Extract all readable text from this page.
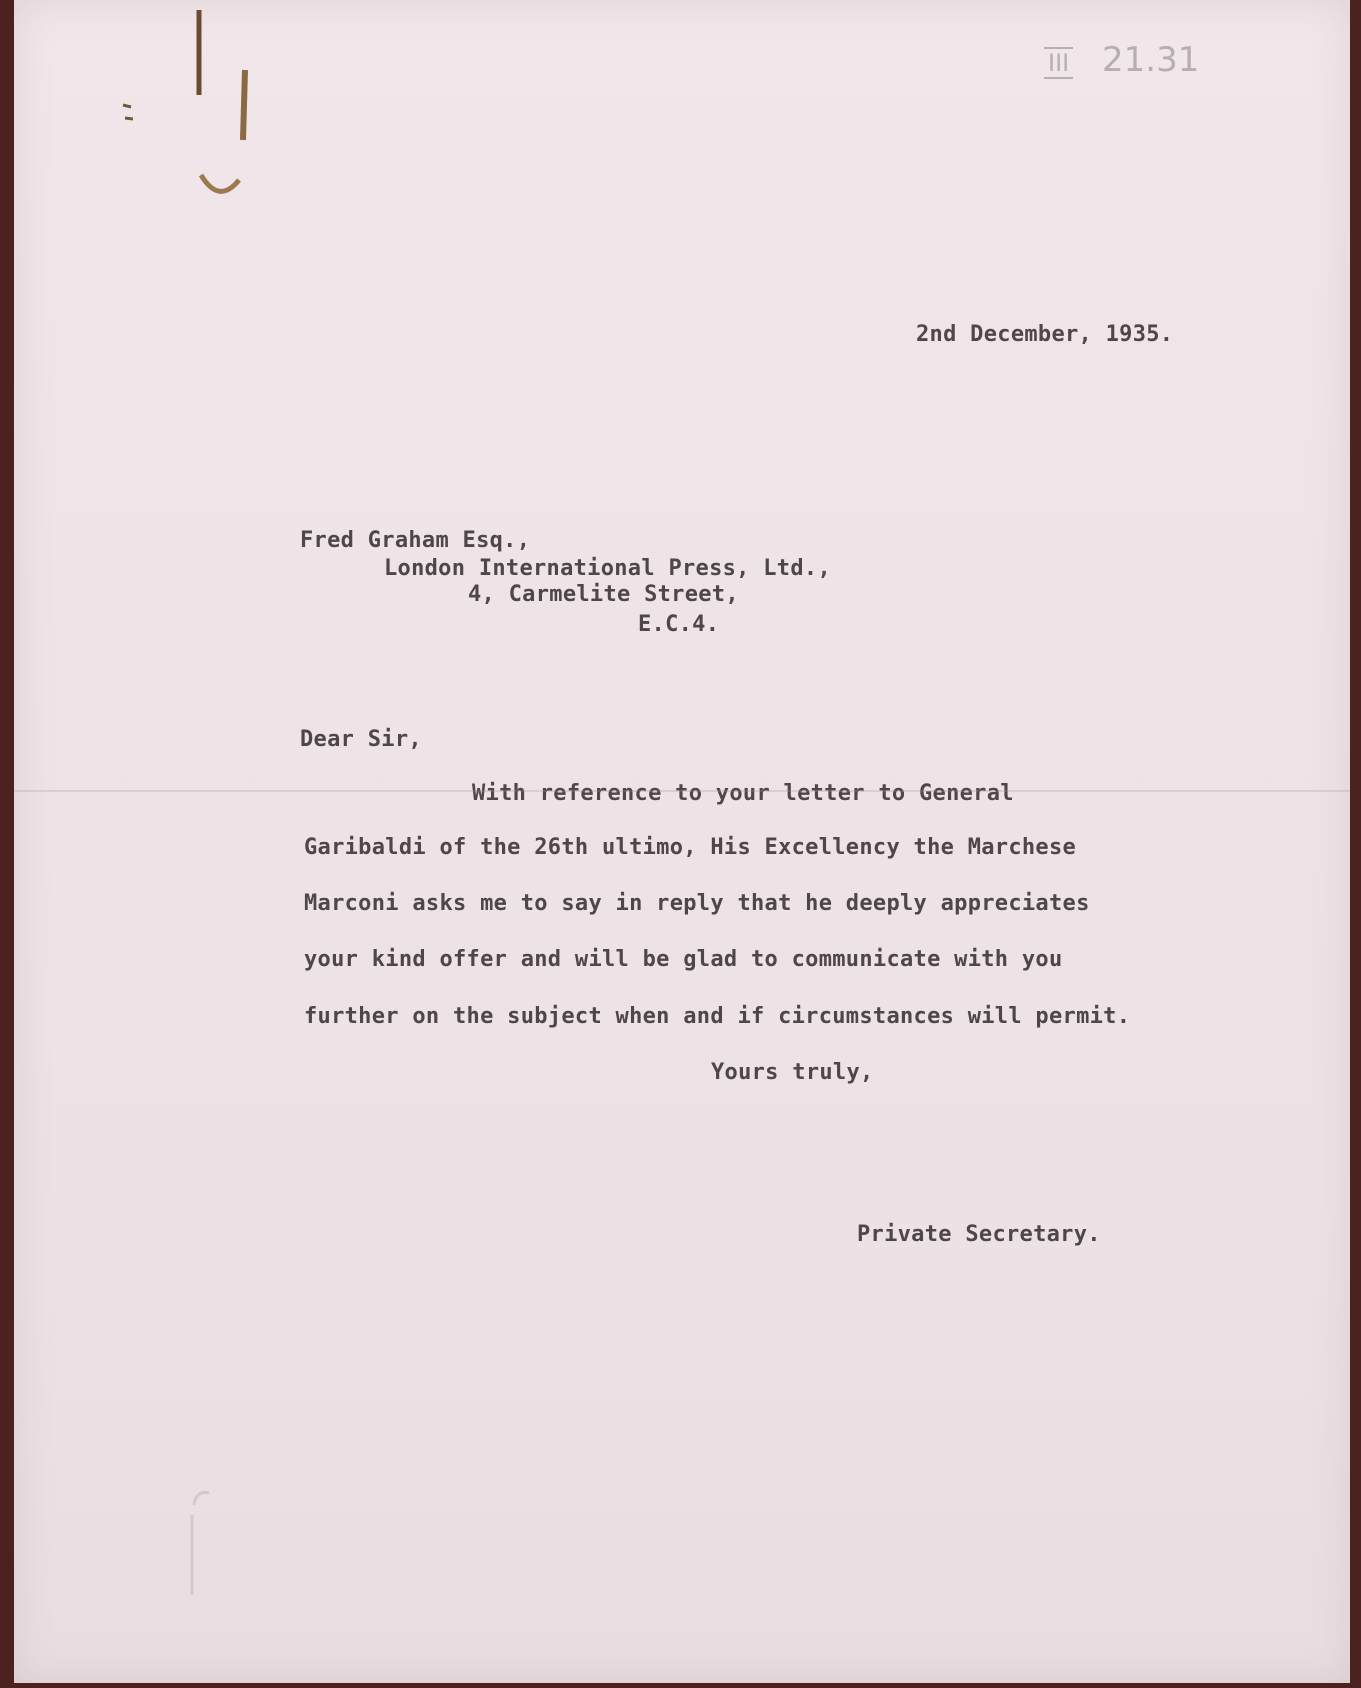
III 21.31

2nd December, 1935.

Fred Graham Esq.,

London International Press, Ltd.,

4, Carmelite Street,

E.C.4.

Dear Sir,

With reference to your letter to General

Garibaldi of the 26th ultimo, His Excellency the Marchese

Marconi asks me to say in reply that he deeply appreciates

your kind offer and will be glad to communicate with you

further on the subject when and if circumstances will permit.

Yours truly,

Private Secretary.
